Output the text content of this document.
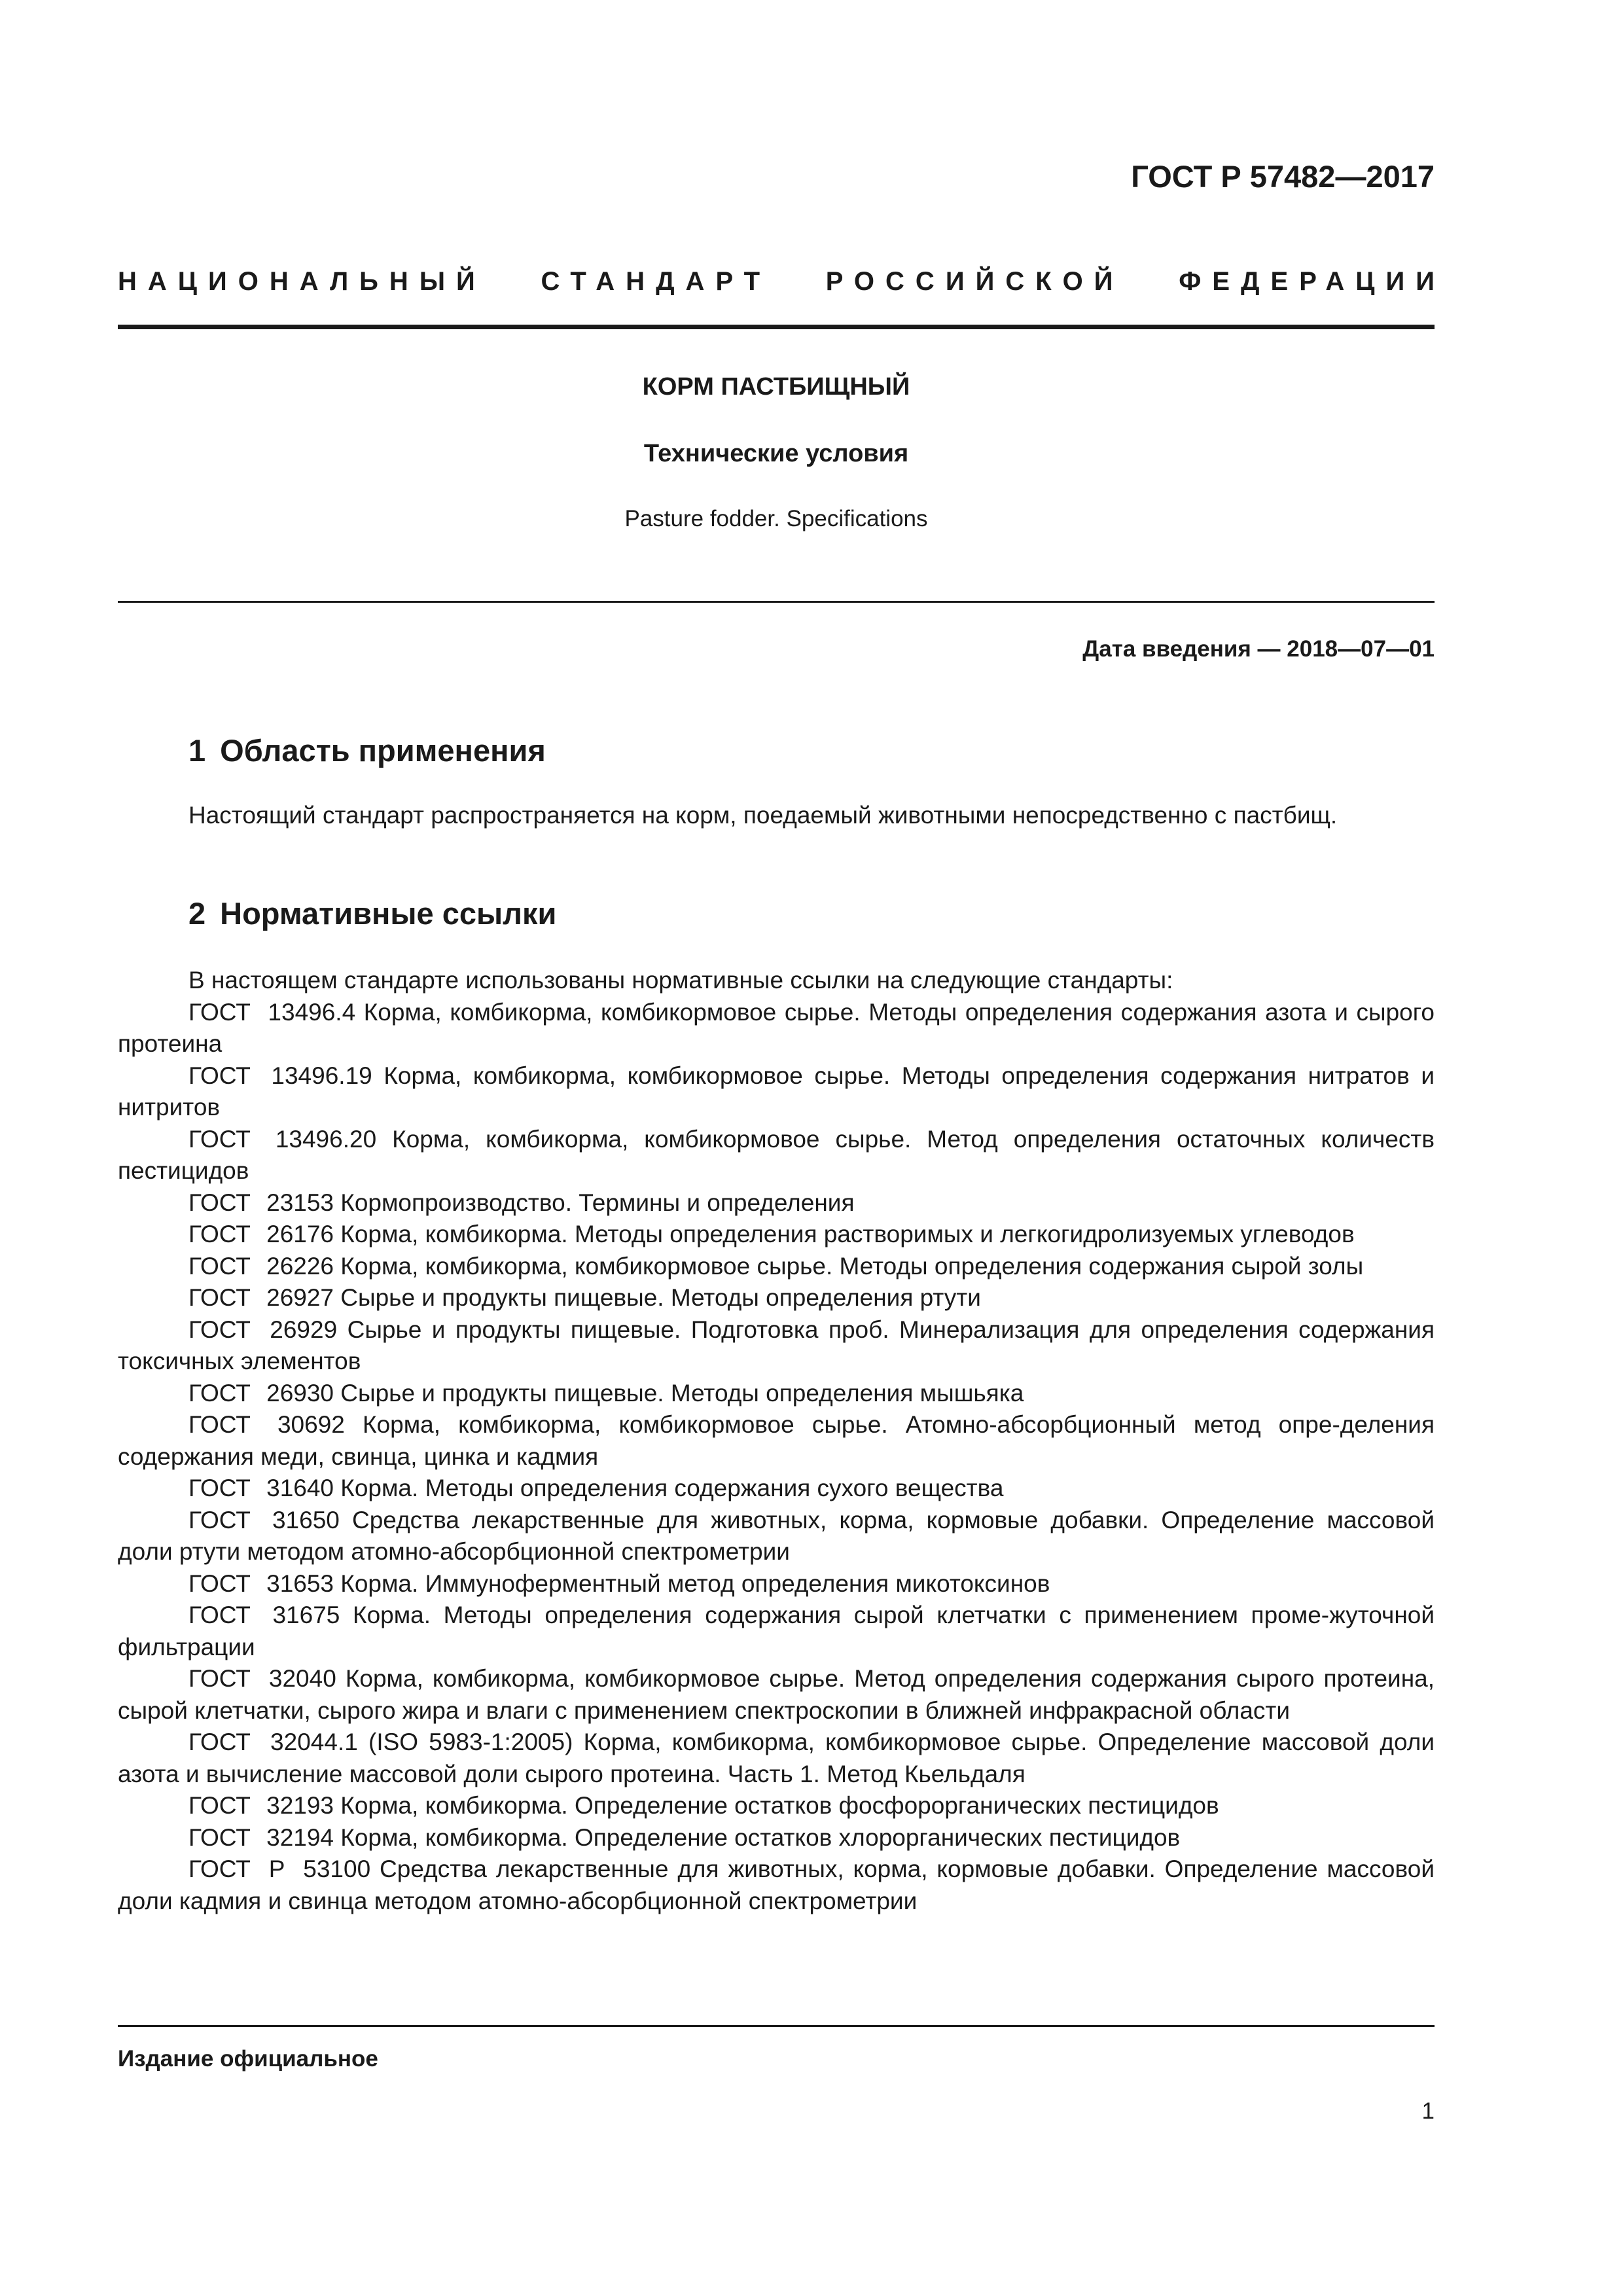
ГОСТ Р 57482—2017
НАЦИОНАЛЬНЫЙ СТАНДАРТ РОССИЙСКОЙ ФЕДЕРАЦИИ
КОРМ ПАСТБИЩНЫЙ
Технические условия
Pasture fodder. Specifications
Дата введения — 2018—07—01
1 Область применения

Настоящий стандарт распространяется на корм, поедаемый животными непосредственно с пастбищ.

2 Нормативные ссылки

В настоящем стандарте использованы нормативные ссылки на следующие стандарты:

ГОСТ 13496.4 Корма, комбикорма, комбикормовое сырье. Методы определения содержания азота и сырого протеина

ГОСТ 13496.19 Корма, комбикорма, комбикормовое сырье. Методы определения содержания нитратов и нитритов

ГОСТ 13496.20 Корма, комбикорма, комбикормовое сырье. Метод определения остаточных количеств пестицидов

ГОСТ 23153 Кормопроизводство. Термины и определения

ГОСТ 26176 Корма, комбикорма. Методы определения растворимых и легкогидролизуемых углеводов

ГОСТ 26226 Корма, комбикорма, комбикормовое сырье. Методы определения содержания сырой золы

ГОСТ 26927 Сырье и продукты пищевые. Методы определения ртути

ГОСТ 26929 Сырье и продукты пищевые. Подготовка проб. Минерализация для определения содержания токсичных элементов

ГОСТ 26930 Сырье и продукты пищевые. Методы определения мышьяка

ГОСТ 30692 Корма, комбикорма, комбикормовое сырье. Атомно-абсорбционный метод опре-деления содержания меди, свинца, цинка и кадмия

ГОСТ 31640 Корма. Методы определения содержания сухого вещества

ГОСТ 31650 Средства лекарственные для животных, корма, кормовые добавки. Определение массовой доли ртути методом атомно-абсорбционной спектрометрии

ГОСТ 31653 Корма. Иммуноферментный метод определения микотоксинов

ГОСТ 31675 Корма. Методы определения содержания сырой клетчатки с применением проме-жуточной фильтрации

ГОСТ 32040 Корма, комбикорма, комбикормовое сырье. Метод определения содержания сырого протеина, сырой клетчатки, сырого жира и влаги с применением спектроскопии в ближней инфракрасной области

ГОСТ 32044.1 (ISO 5983-1:2005) Корма, комбикорма, комбикормовое сырье. Определение массовой доли азота и вычисление массовой доли сырого протеина. Часть 1. Метод Кьельдаля

ГОСТ 32193 Корма, комбикорма. Определение остатков фосфорорганических пестицидов

ГОСТ 32194 Корма, комбикорма. Определение остатков хлорорганических пестицидов

ГОСТ Р 53100 Средства лекарственные для животных, корма, кормовые добавки. Определение массовой доли кадмия и свинца методом атомно-абсорбционной спектрометрии

Издание официальное
1
